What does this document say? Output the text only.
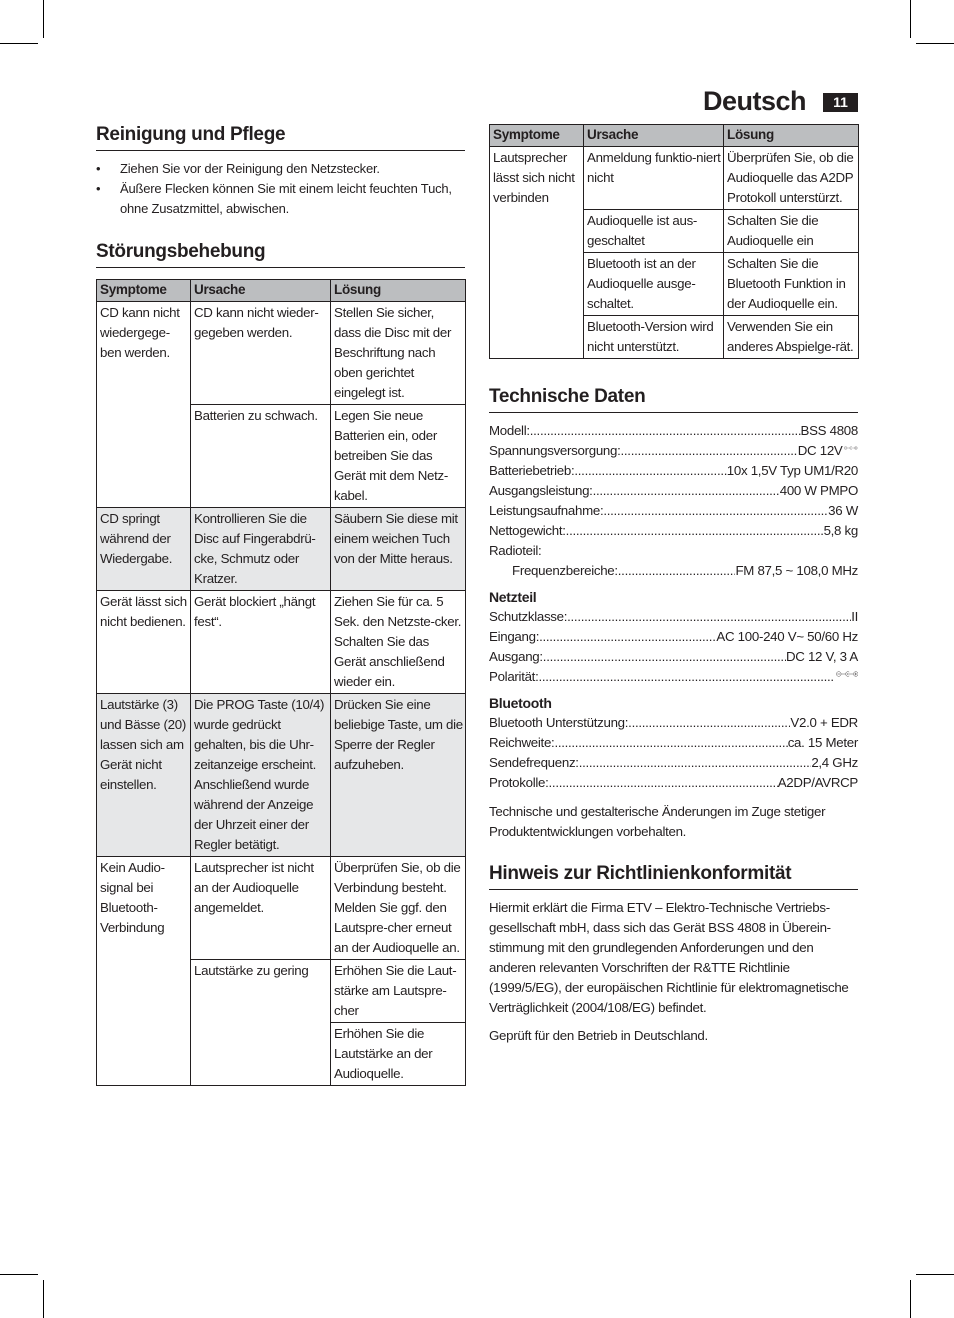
Deutsch	11
Reinigung und Pflege
• Ziehen Sie vor der Reinigung den Netzstecker.
• Äußere Flecken können Sie mit einem leicht feuchten Tuch, ohne Zusatzmittel, abwischen.
Störungsbehebung
Symptome	Ursache	Lösung
CD kann nicht wiedergege-ben werden.	CD kann nicht wieder-gegeben werden.	Stellen Sie sicher, dass die Disc mit der Beschriftung nach oben gerichtet eingelegt ist.
	Batterien zu schwach.	Legen Sie neue Batterien ein, oder betreiben Sie das Gerät mit dem Netz-kabel.
CD springt während der Wiedergabe.	Kontrollieren Sie die Disc auf Fingerabdrü-cke, Schmutz oder Kratzer.	Säubern Sie diese mit einem weichen Tuch von der Mitte heraus.
Gerät lässt sich nicht bedienen.	Gerät blockiert „hängt fest“.	Ziehen Sie für ca. 5 Sek. den Netzste-cker. Schalten Sie das Gerät anschließend wieder ein.
Lautstärke (3) und Bässe (20) lassen sich am Gerät nicht einstellen.	Die PROG Taste (10/4) wurde gedrückt gehalten, bis die Uhr-zeitanzeige erscheint. Anschließend wurde während der Anzeige der Uhrzeit einer der Regler betätigt.	Drücken Sie eine beliebige Taste, um die Sperre der Regler aufzuheben.
Kein Audio-signal bei Bluetooth-Verbindung	Lautsprecher ist nicht an der Audioquelle angemeldet.	Überprüfen Sie, ob die Verbindung besteht. Melden Sie ggf. den Lautspre-cher erneut an der Audioquelle an.
	Lautstärke zu gering	Erhöhen Sie die Laut-stärke am Lautspre-cher
		Erhöhen Sie die Lautstärke an der Audioquelle.
Symptome	Ursache	Lösung
Lautsprecher lässt sich nicht verbinden	Anmeldung funktio-niert nicht	Überprüfen Sie, ob die Audioquelle das A2DP Protokoll unterstürzt.
	Audioquelle ist aus-geschaltet	Schalten Sie die Audioquelle ein
	Bluetooth ist an der Audioquelle ausge-schaltet.	Schalten Sie die Bluetooth Funktion in der Audioquelle ein.
	Bluetooth-Version wird nicht unterstützt.	Verwenden Sie ein anderes Abspielge-rät.
Technische Daten
Modell: .....	BSS 4808
Spannungsversorgung: .....	DC 12V
Batteriebetrieb: .....	10x 1,5V Typ UM1/R20
Ausgangsleistung: .....	400 W PMPO
Leistungsaufnahme: .....	36 W
Nettogewicht: .....	5,8 kg
Radioteil:
Frequenzbereiche: .....	FM 87,5 ~ 108,0 MHz
Netzteil
Schutzklasse: .....	II
Eingang: .....	AC 100-240 V~ 50/60 Hz
Ausgang: .....	DC 12 V, 3 A
Polarität:
.....
Bluetooth
Bluetooth Unterstützung: .....	V2.0 + EDR
Reichweite: .....	ca. 15 Meter
Sendefrequenz: .....	2,4 GHz
Protokolle: .....	A2DP/AVRCP

Technische und gestalterische Änderungen im Zuge stetiger Produktentwicklungen vorbehalten.

Hinweis zur Richtlinienkonformität

Hiermit erklärt die Firma ETV – Elektro-Technische Vertriebs-gesellschaft mbH, dass sich das Gerät BSS 4808 in Überein-stimmung mit den grundlegenden Anforderungen und den anderen relevanten Vorschriften der R&TTE Richtlinie (1999/5/EG), der europäischen Richtlinie für elektromagnetische Verträglichkeit (2004/108/EG) befindet.

Geprüft für den Betrieb in Deutschland.
